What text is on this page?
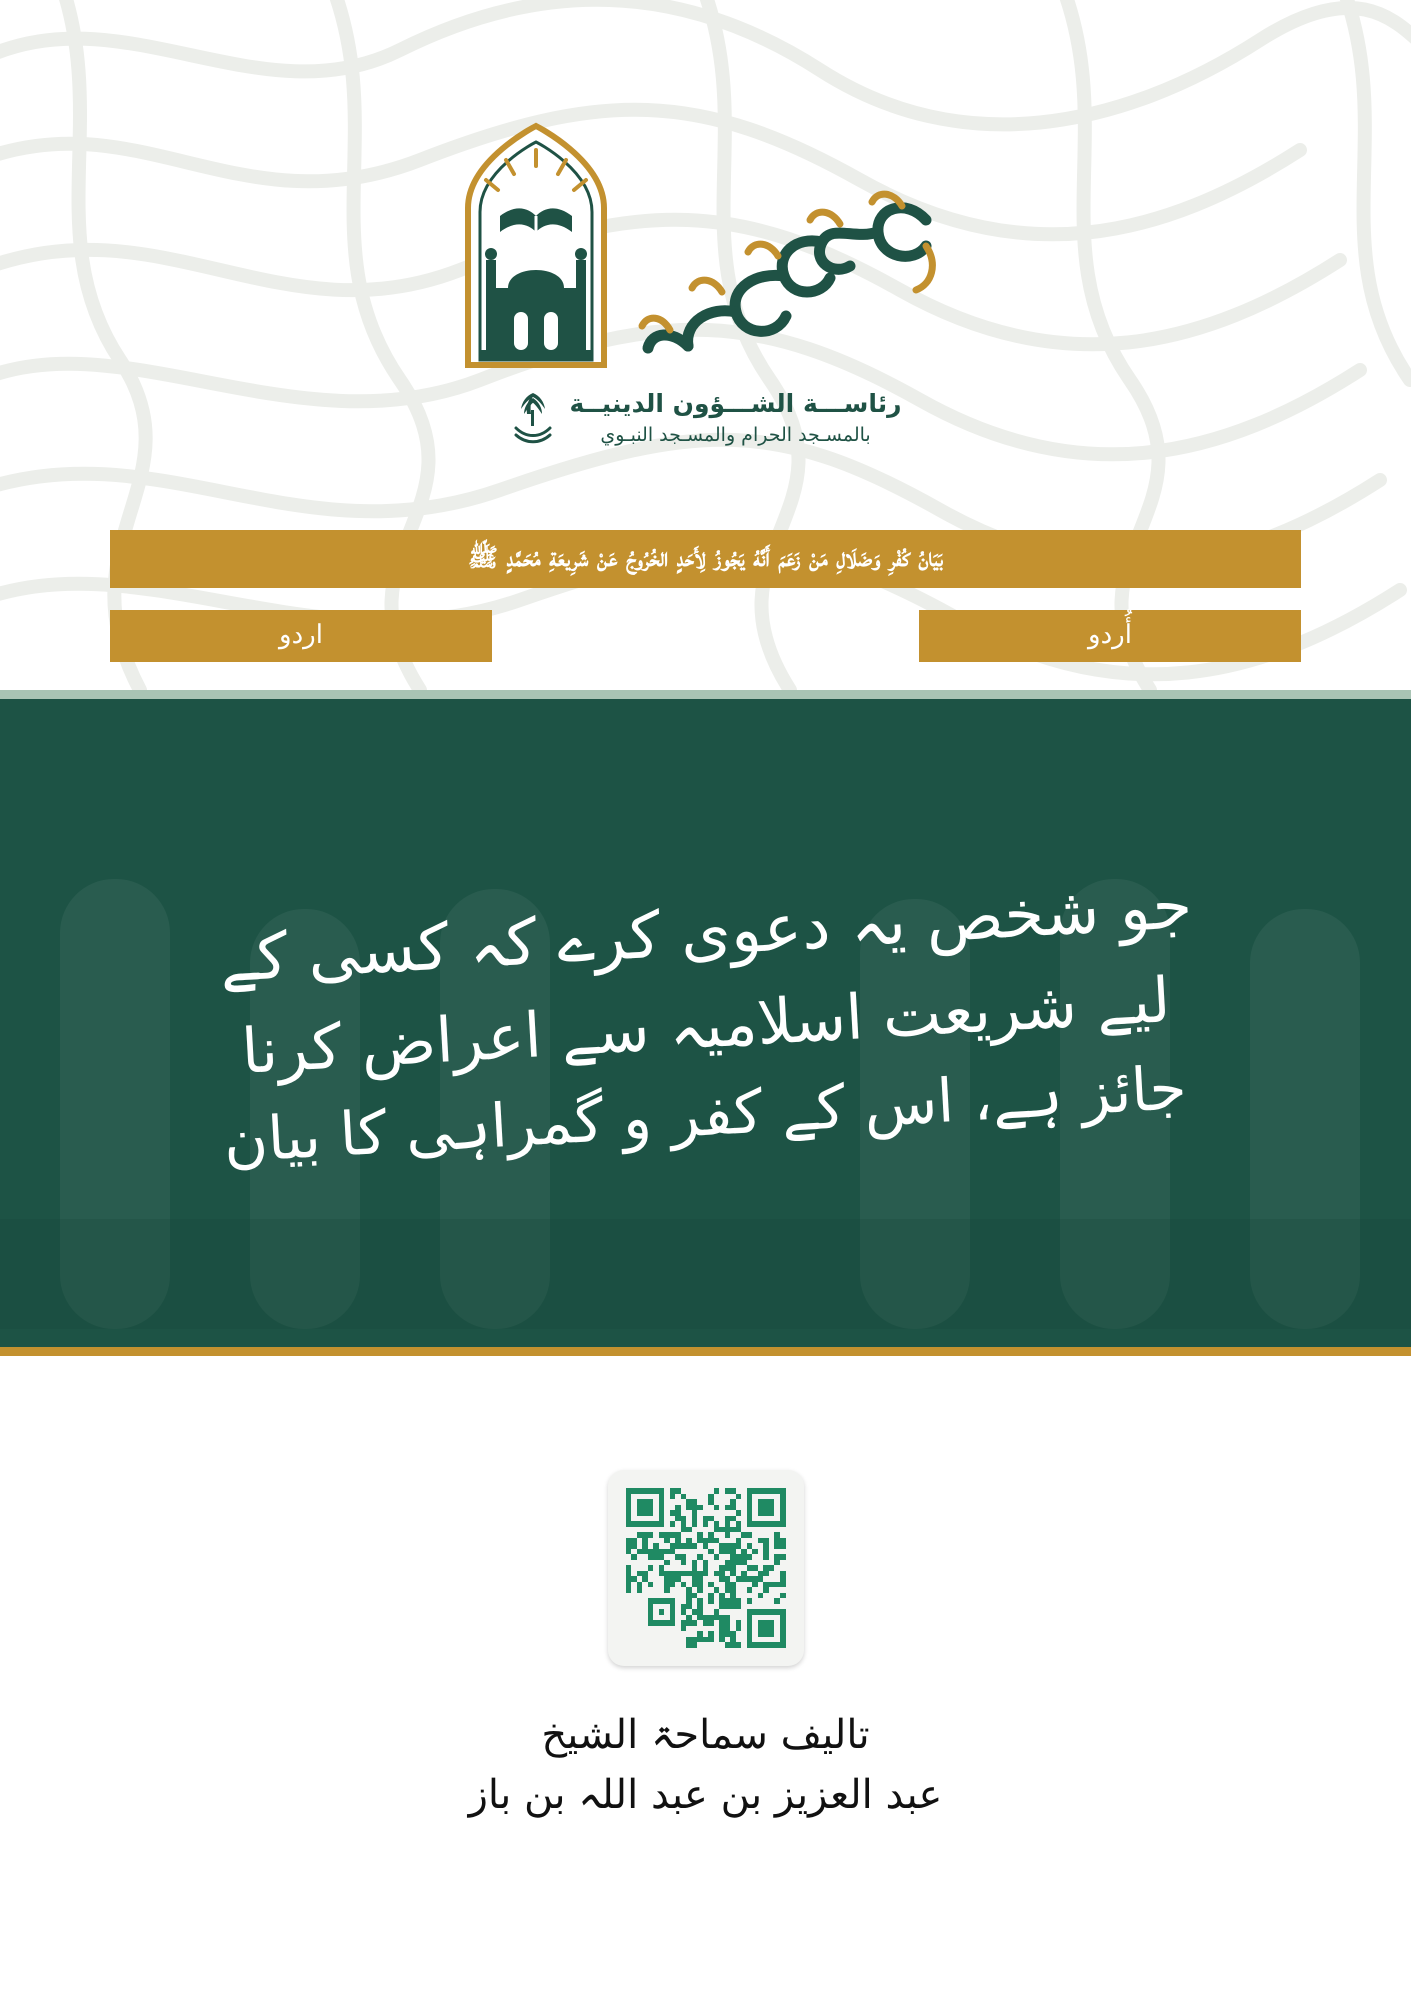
رئاســـة الشـــؤون الدينيــة
بالمسـجد الحرام والمسـجد النبـوي
بَيَانُ كُفْرِ وَضَلَالِ مَنْ زَعَمَ أَنَّهُ يَجُوزُ لِأَحَدٍ الخُرُوجُ عَنْ شَرِيعَةِ مُحَمَّدٍ ﷺ
أُردو
اردو
جو شخص یہ دعوی کرے کہ کسی کے
لیے شریعت اسلامیہ سے اعراض کرنا
جائز ہے، اس کے کفر و گمراہی کا بیان
تالیف سماحۃ الشیخ
عبد العزیز بن عبد اللہ بن باز
